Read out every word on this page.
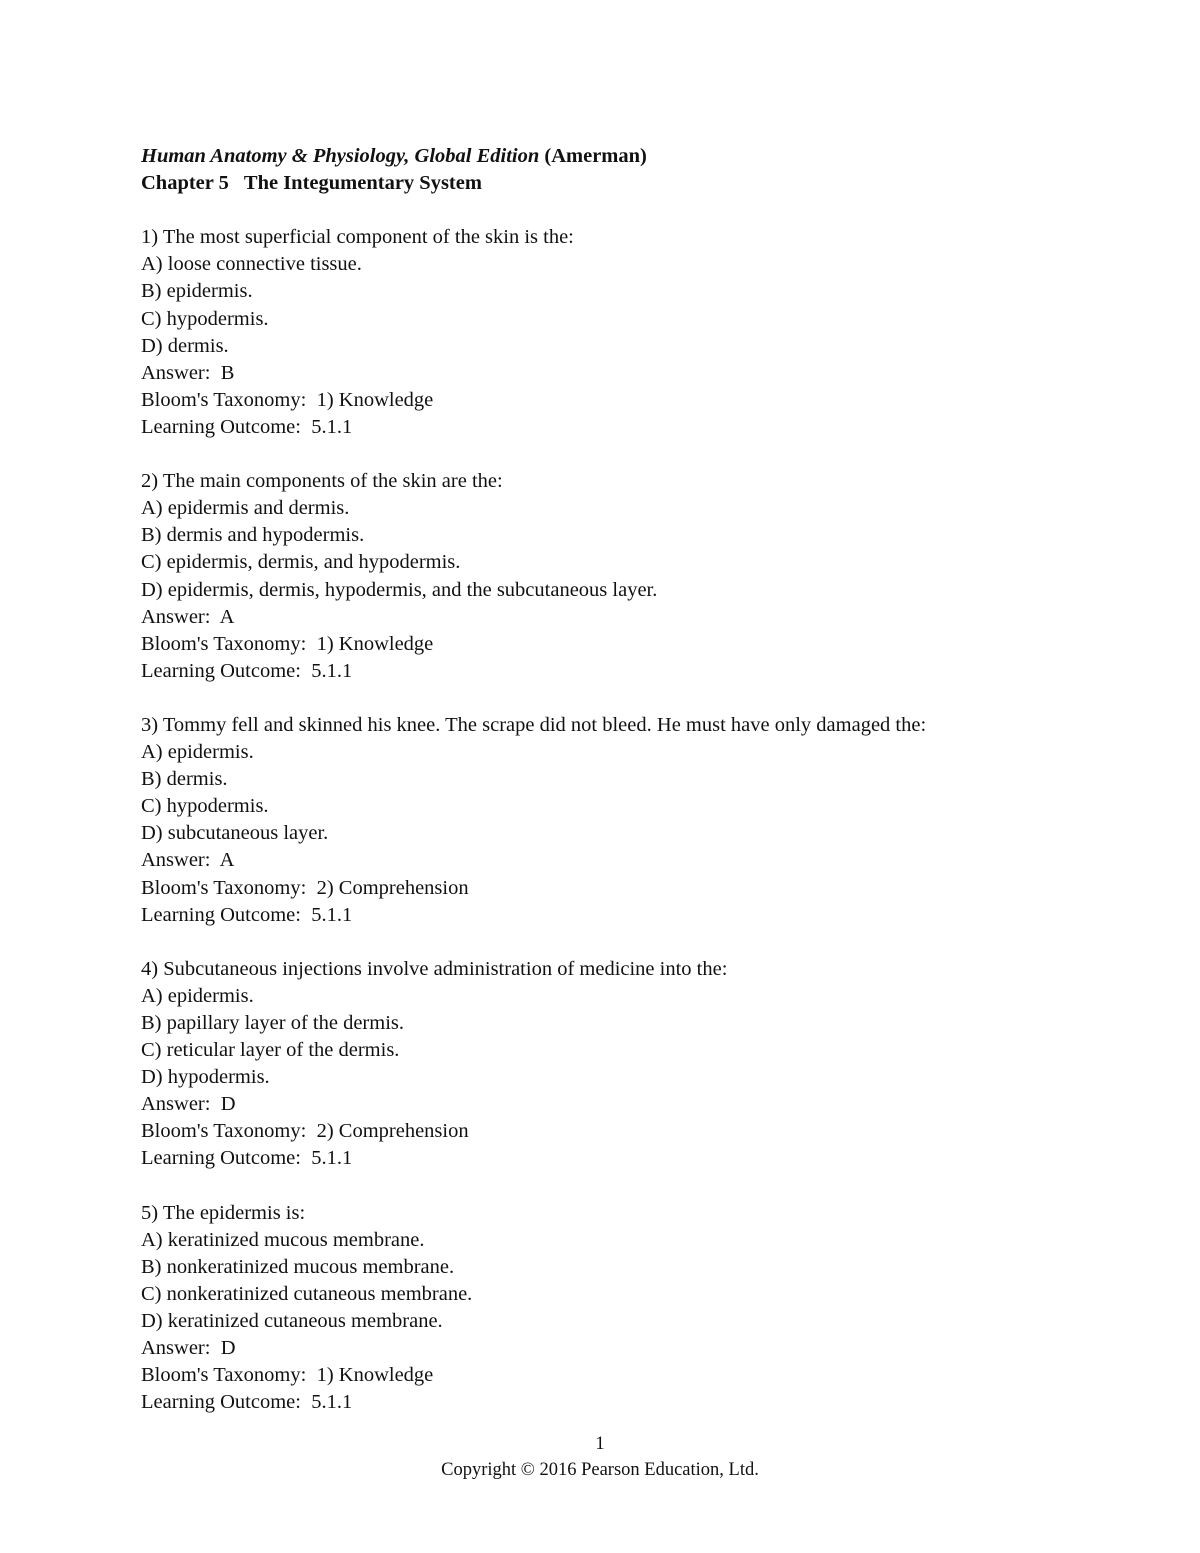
Human Anatomy & Physiology, Global Edition (Amerman)
Chapter 5 The Integumentary System
1) The most superficial component of the skin is the:
A) loose connective tissue.
B) epidermis.
C) hypodermis.
D) dermis.
Answer:  B
Bloom's Taxonomy:  1) Knowledge
Learning Outcome:  5.1.1
2) The main components of the skin are the:
A) epidermis and dermis.
B) dermis and hypodermis.
C) epidermis, dermis, and hypodermis.
D) epidermis, dermis, hypodermis, and the subcutaneous layer.
Answer:  A
Bloom's Taxonomy:  1) Knowledge
Learning Outcome:  5.1.1
3) Tommy fell and skinned his knee. The scrape did not bleed. He must have only damaged the:
A) epidermis.
B) dermis.
C) hypodermis.
D) subcutaneous layer.
Answer:  A
Bloom's Taxonomy:  2) Comprehension
Learning Outcome:  5.1.1
4) Subcutaneous injections involve administration of medicine into the:
A) epidermis.
B) papillary layer of the dermis.
C) reticular layer of the dermis.
D) hypodermis.
Answer:  D
Bloom's Taxonomy:  2) Comprehension
Learning Outcome:  5.1.1
5) The epidermis is:
A) keratinized mucous membrane.
B) nonkeratinized mucous membrane.
C) nonkeratinized cutaneous membrane.
D) keratinized cutaneous membrane.
Answer:  D
Bloom's Taxonomy:  1) Knowledge
Learning Outcome:  5.1.1
1
Copyright © 2016 Pearson Education, Ltd.
